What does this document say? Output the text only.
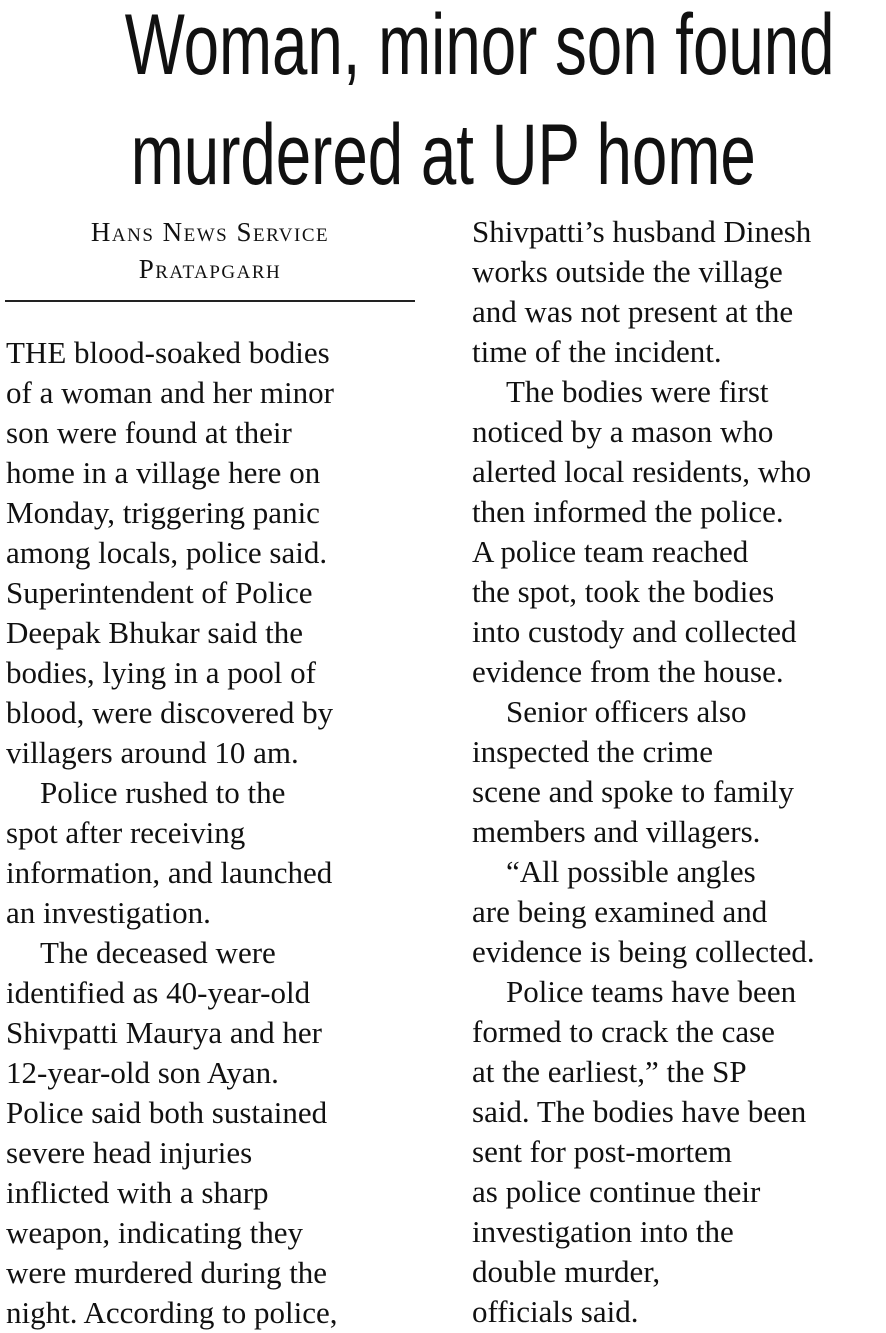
Woman, minor son found
murdered at UP home
Hans News Service
Pratapgarh
THE blood-soaked bodies
of a woman and her minor
son were found at their
home in a village here on
Monday, triggering panic
among locals, police said.
Superintendent of Police
Deepak Bhukar said the
bodies, lying in a pool of
blood, were discovered by
villagers around 10 am.
Police rushed to the
spot after receiving
information, and launched
an investigation.
The deceased were
identified as 40-year-old
Shivpatti Maurya and her
12-year-old son Ayan.
Police said both sustained
severe head injuries
inflicted with a sharp
weapon, indicating they
were murdered during the
night. According to police,
Shivpatti’s husband Dinesh
works outside the village
and was not present at the
time of the incident.
The bodies were first
noticed by a mason who
alerted local residents, who
then informed the police.
A police team reached
the spot, took the bodies
into custody and collected
evidence from the house.
Senior officers also
inspected the crime
scene and spoke to family
members and villagers.
“All possible angles
are being examined and
evidence is being collected.
Police teams have been
formed to crack the case
at the earliest,” the SP
said. The bodies have been
sent for post-mortem
as police continue their
investigation into the
double murder,
officials said.
